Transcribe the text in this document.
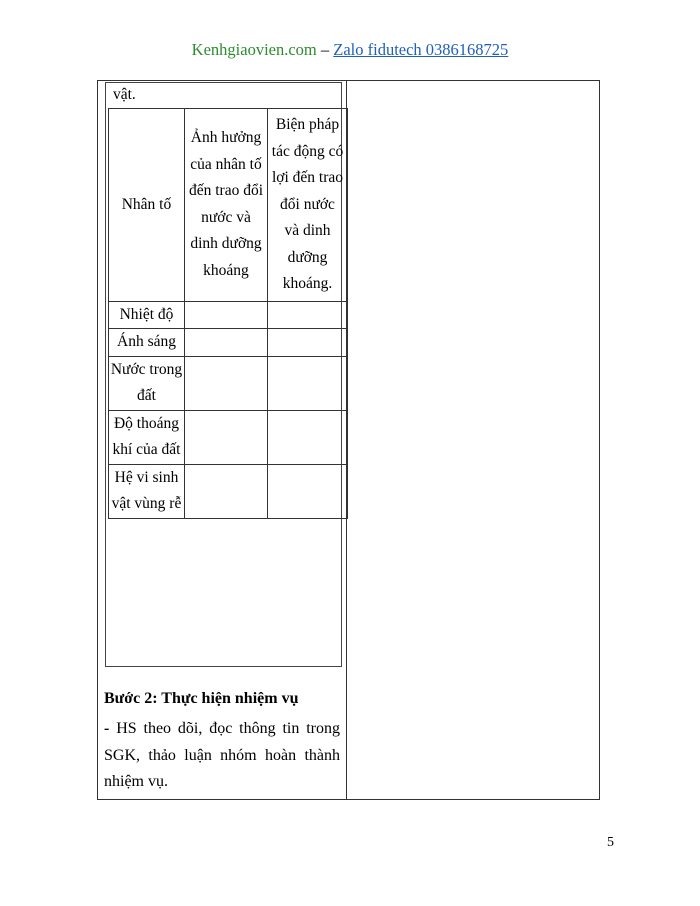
Kenhgiaovien.com – Zalo fidutech 0386168725
vật.
Nhân tố	Ảnh hưởng của nhân tố đến trao đổi nước và dinh dưỡng khoáng	Biện pháp tác động có lợi đến trao đổi nước và dinh dưỡng khoáng.
Nhiệt độ		
Ánh sáng		
Nước trong đất		
Độ thoáng khí của đất		
Hệ vi sinh vật vùng rễ		
Bước 2: Thực hiện nhiệm vụ
- HS theo dõi, đọc thông tin trong SGK, thảo luận nhóm hoàn thành nhiệm vụ.
5
